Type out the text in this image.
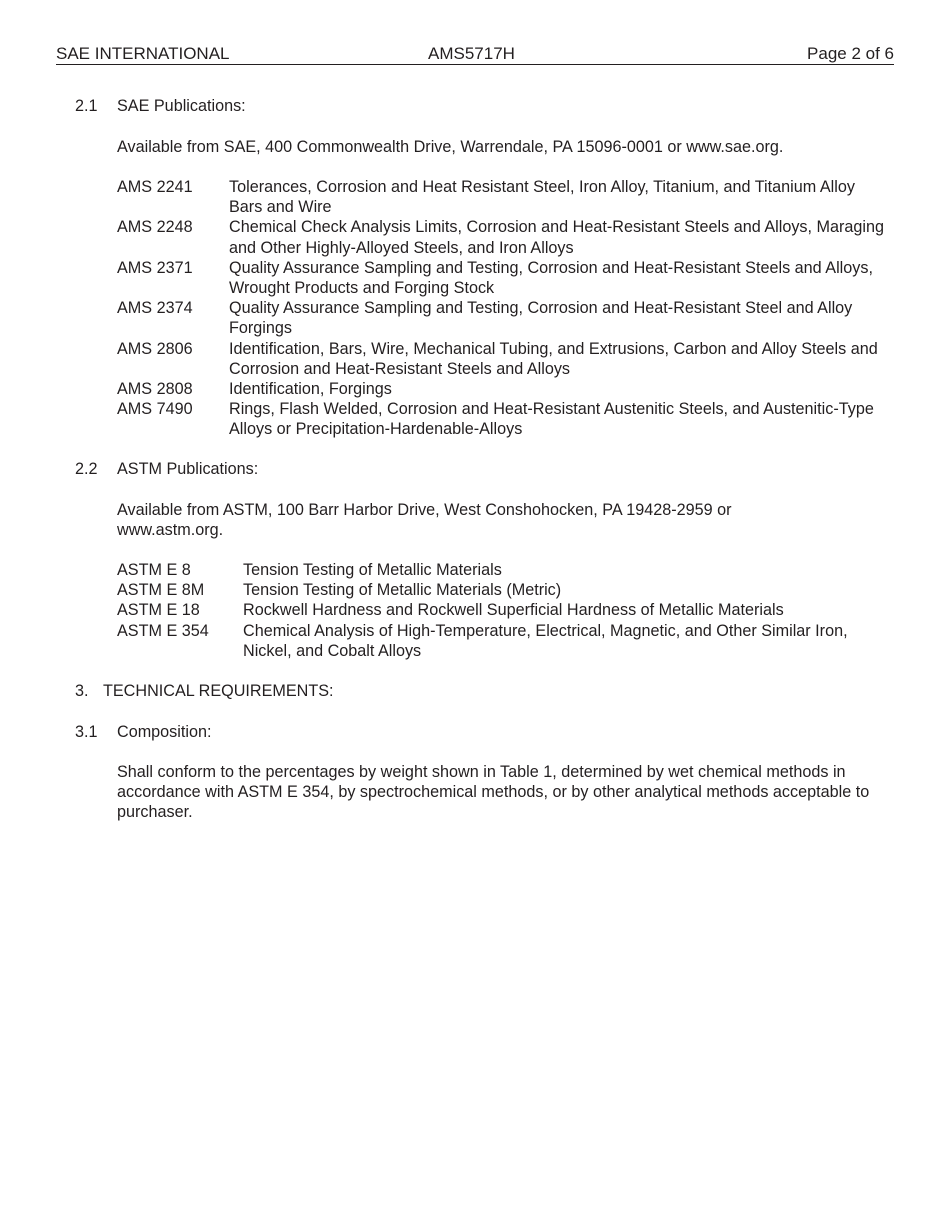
SAE INTERNATIONAL	AMS5717H	Page 2 of 6
2.1 SAE Publications:
Available from SAE, 400 Commonwealth Drive, Warrendale, PA 15096-0001 or www.sae.org.
AMS 2241	Tolerances, Corrosion and Heat Resistant Steel, Iron Alloy, Titanium, and Titanium Alloy Bars and Wire
AMS 2248	Chemical Check Analysis Limits, Corrosion and Heat-Resistant Steels and Alloys, Maraging and Other Highly-Alloyed Steels, and Iron Alloys
AMS 2371	Quality Assurance Sampling and Testing, Corrosion and Heat-Resistant Steels and Alloys, Wrought Products and Forging Stock
AMS 2374	Quality Assurance Sampling and Testing, Corrosion and Heat-Resistant Steel and Alloy Forgings
AMS 2806	Identification, Bars, Wire, Mechanical Tubing, and Extrusions, Carbon and Alloy Steels and Corrosion and Heat-Resistant Steels and Alloys
AMS 2808	Identification, Forgings
AMS 7490	Rings, Flash Welded, Corrosion and Heat-Resistant Austenitic Steels, and Austenitic-Type Alloys or Precipitation-Hardenable-Alloys
2.2 ASTM Publications:
Available from ASTM, 100 Barr Harbor Drive, West Conshohocken, PA 19428-2959 or www.astm.org.
ASTM E 8	Tension Testing of Metallic Materials
ASTM E 8M	Tension Testing of Metallic Materials (Metric)
ASTM E 18	Rockwell Hardness and Rockwell Superficial Hardness of Metallic Materials
ASTM E 354	Chemical Analysis of High-Temperature, Electrical, Magnetic, and Other Similar Iron, Nickel, and Cobalt Alloys
3. TECHNICAL REQUIREMENTS:
3.1 Composition:
Shall conform to the percentages by weight shown in Table 1, determined by wet chemical methods in accordance with ASTM E 354, by spectrochemical methods, or by other analytical methods acceptable to purchaser.
